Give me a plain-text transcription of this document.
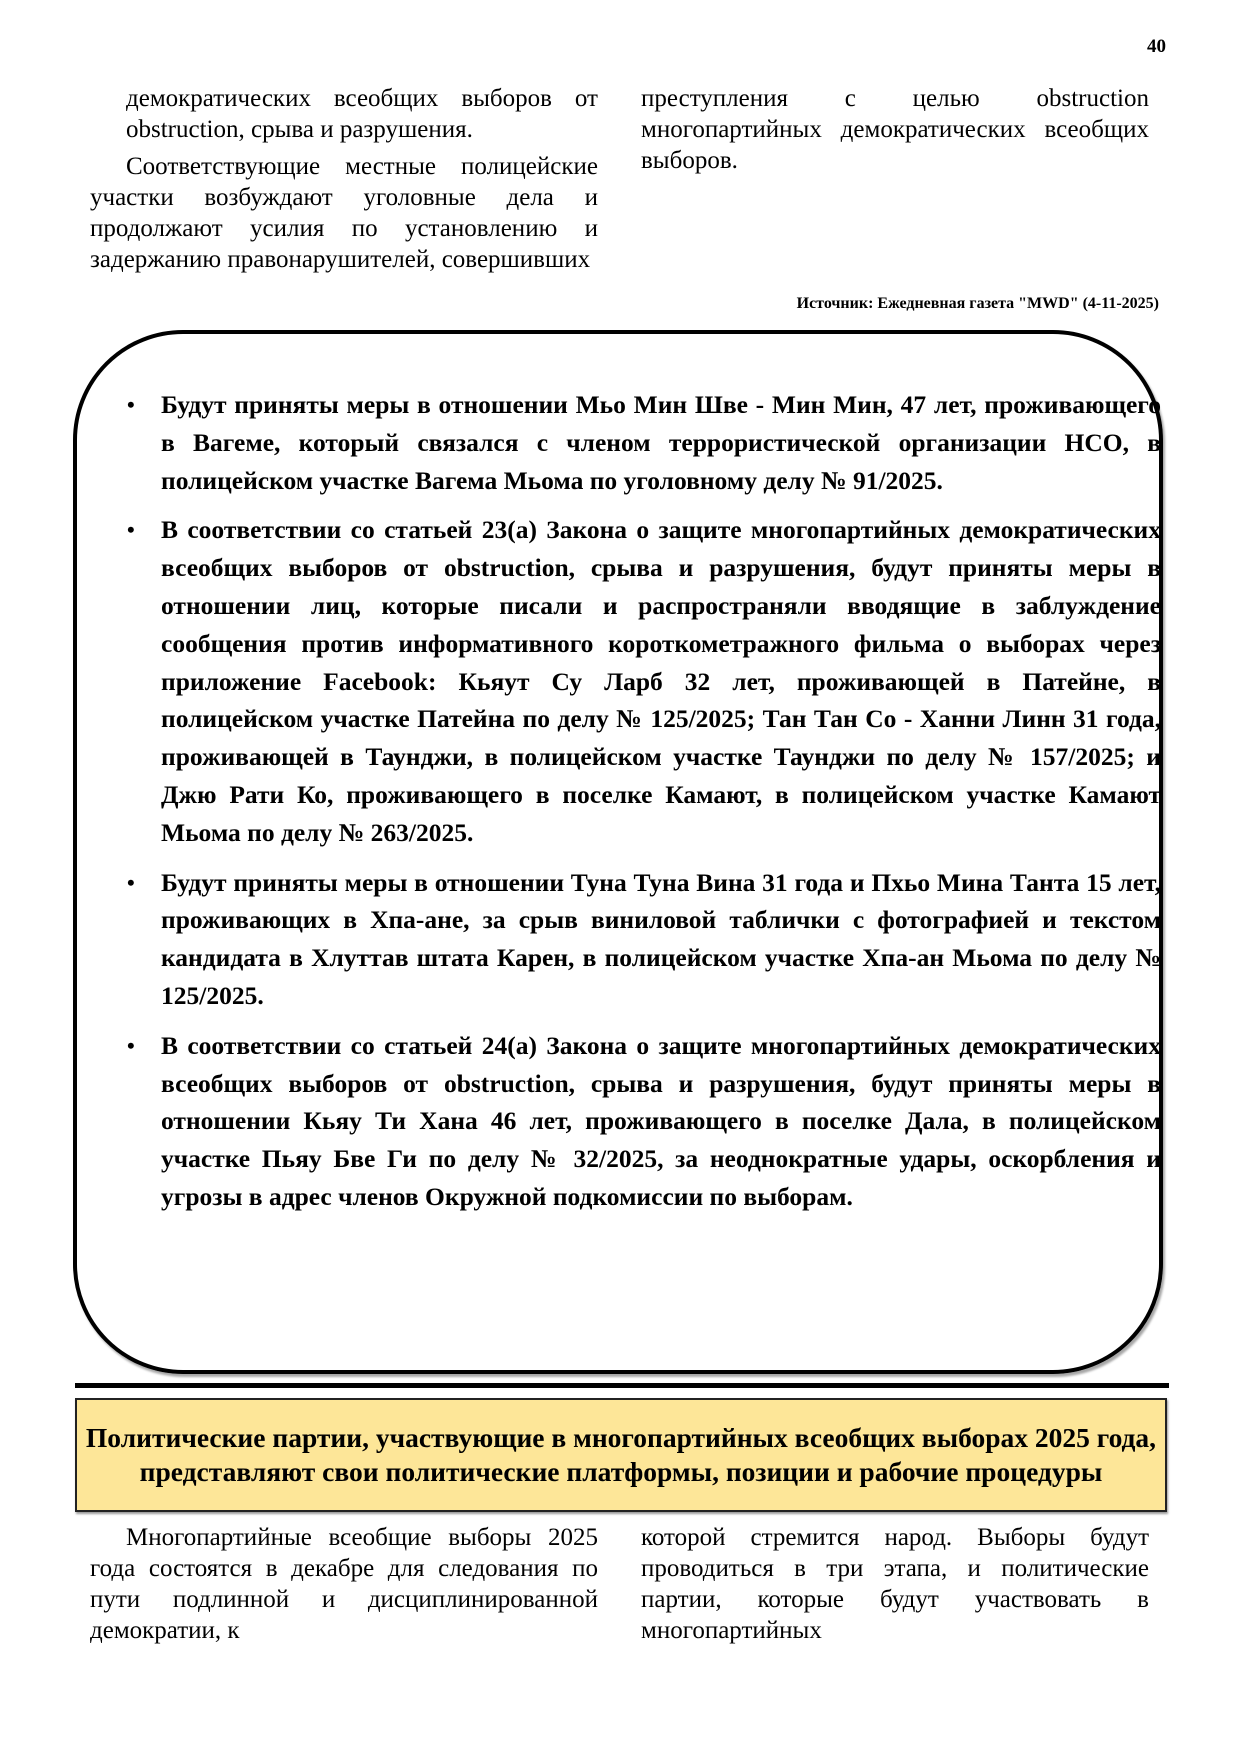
40

демократических всеобщих выборов от obstruction, срыва и разрушения.

Соответствующие местные полицейские участки возбуждают уголовные дела и продолжают усилия по установлению и задержанию правонарушителей, совершивших

преступления с целью obstruction многопартийных демократических всеобщих выборов.

Источник: Ежедневная газета "MWD" (4-11-2025)
• Будут приняты меры в отношении Мьо Мин Шве - Мин Мин, 47 лет, проживающего в Вагеме, который связался с членом террористической организации НСО, в полицейском участке Вагема Мьома по уголовному делу № 91/2025.
• В соответствии со статьей 23(а) Закона о защите многопартийных демократических всеобщих выборов от obstruction, срыва и разрушения, будут приняты меры в отношении лиц, которые писали и распространяли вводящие в заблуждение сообщения против информативного короткометражного фильма о выборах через приложение Facebook: Кьяут Су Ларб 32 лет, проживающей в Патейне, в полицейском участке Патейна по делу № 125/2025; Тан Тан Со - Ханни Линн 31 года, проживающей в Таунджи, в полицейском участке Таунджи по делу № 157/2025; и Джю Рати Ко, проживающего в поселке Камают, в полицейском участке Камают Мьома по делу № 263/2025.
• Будут приняты меры в отношении Туна Туна Вина 31 года и Пхьо Мина Танта 15 лет, проживающих в Хпа-ане, за срыв виниловой таблички с фотографией и текстом кандидата в Хлуттав штата Карен, в полицейском участке Хпа-ан Мьома по делу № 125/2025.
• В соответствии со статьей 24(а) Закона о защите многопартийных демократических всеобщих выборов от obstruction, срыва и разрушения, будут приняты меры в отношении Кьяу Ти Хана 46 лет, проживающего в поселке Дала, в полицейском участке Пьяу Бве Ги по делу № 32/2025, за неоднократные удары, оскорбления и угрозы в адрес членов Окружной подкомиссии по выборам.
Политические партии, участвующие в многопартийных всеобщих выборах 2025 года, представляют свои политические платформы, позиции и рабочие процедуры

Многопартийные всеобщие выборы 2025 года состоятся в декабре для следования по пути подлинной и дисциплинированной демократии, к

которой стремится народ. Выборы будут проводиться в три этапа, и политические партии, которые будут участвовать в многопартийных
